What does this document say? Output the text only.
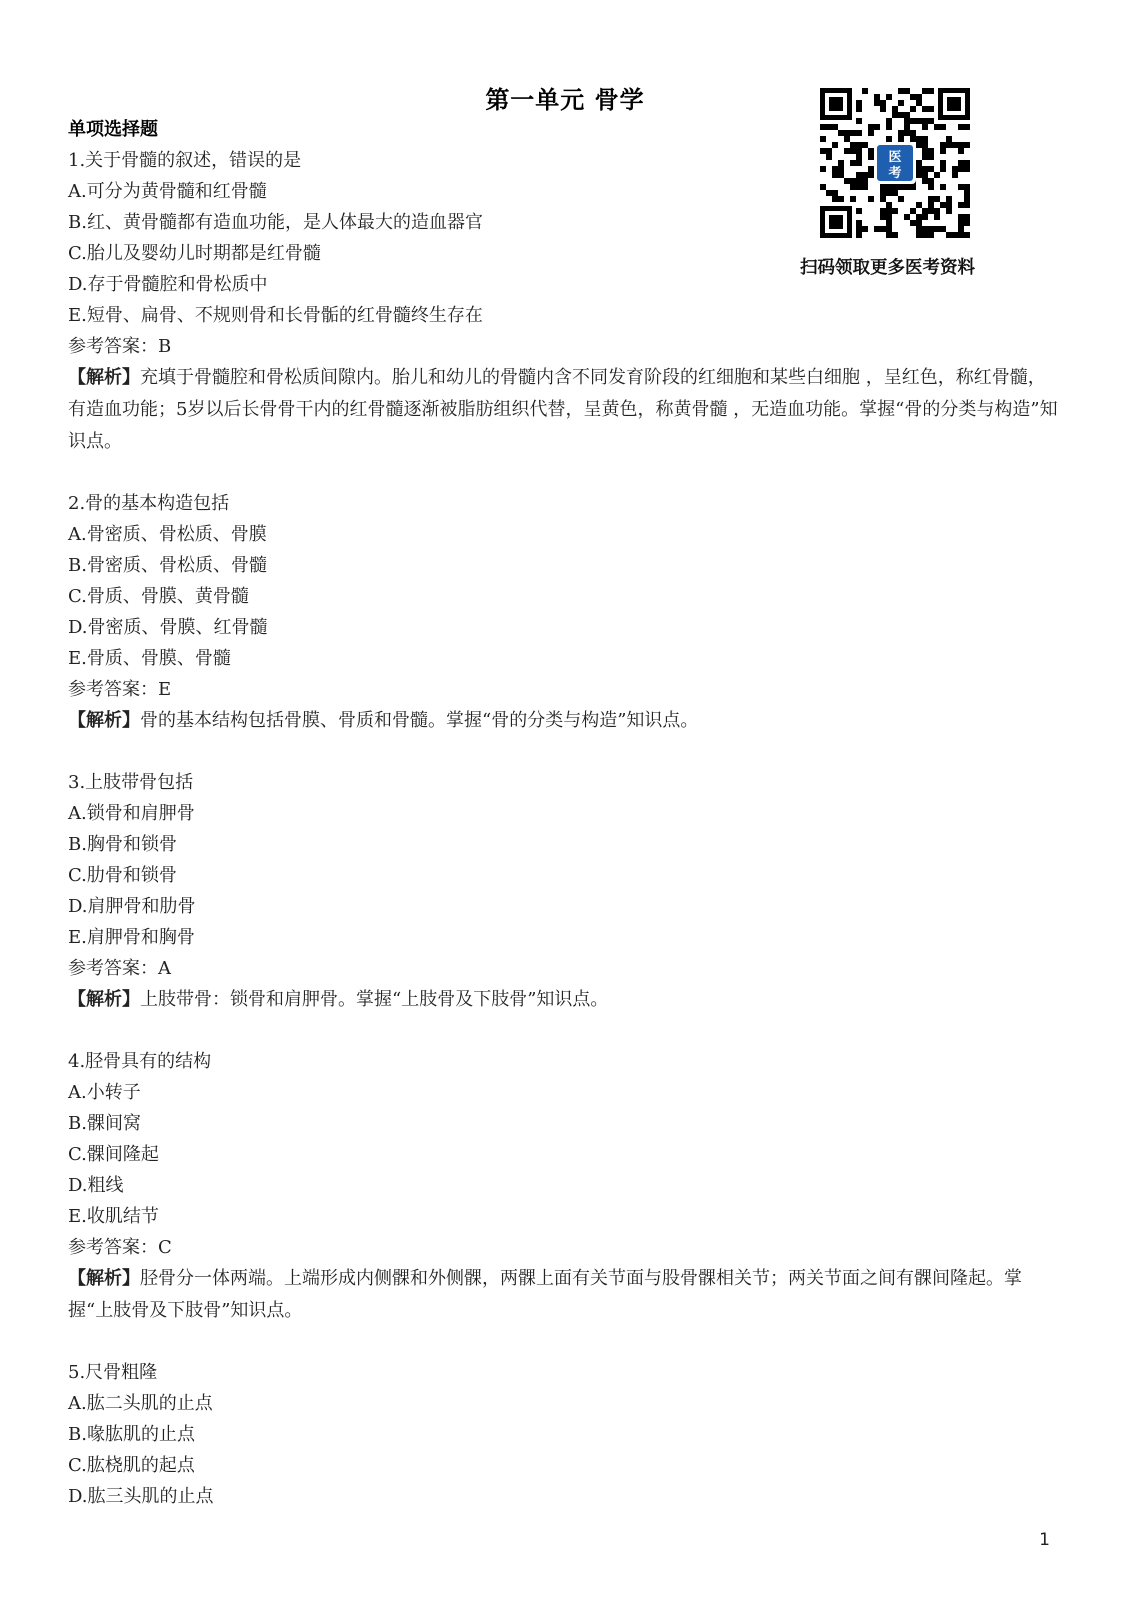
第一单元 骨学
医
考
扫码领取更多医考资料
单项选择题
1.关于骨髓的叙述，错误的是
A.可分为黄骨髓和红骨髓
B.红、黄骨髓都有造血功能，是人体最大的造血器官
C.胎儿及婴幼儿时期都是红骨髓
D.存于骨髓腔和骨松质中
E.短骨、扁骨、不规则骨和长骨骺的红骨髓终生存在
参考答案：B
【解析】充填于骨髓腔和骨松质间隙内。胎儿和幼儿的骨髓内含不同发育阶段的红细胞和某些白细胞 ，呈红色，称红骨髓，有造血功能；5岁以后长骨骨干内的红骨髓逐渐被脂肪组织代替，呈黄色，称黄骨髓 ，无造血功能。掌握“骨的分类与构造”知识点。
2.骨的基本构造包括
A.骨密质、骨松质、骨膜
B.骨密质、骨松质、骨髓
C.骨质、骨膜、黄骨髓
D.骨密质、骨膜、红骨髓
E.骨质、骨膜、骨髓
参考答案：E
【解析】骨的基本结构包括骨膜、骨质和骨髓。掌握“骨的分类与构造”知识点。
3.上肢带骨包括
A.锁骨和肩胛骨
B.胸骨和锁骨
C.肋骨和锁骨
D.肩胛骨和肋骨
E.肩胛骨和胸骨
参考答案：A
【解析】上肢带骨：锁骨和肩胛骨。掌握“上肢骨及下肢骨”知识点。
4.胫骨具有的结构
A.小转子
B.髁间窝
C.髁间隆起
D.粗线
E.收肌结节
参考答案：C
【解析】胫骨分一体两端。上端形成内侧髁和外侧髁，两髁上面有关节面与股骨髁相关节；两关节面之间有髁间隆起。掌握“上肢骨及下肢骨”知识点。
5.尺骨粗隆
A.肱二头肌的止点
B.喙肱肌的止点
C.肱桡肌的起点
D.肱三头肌的止点
1
